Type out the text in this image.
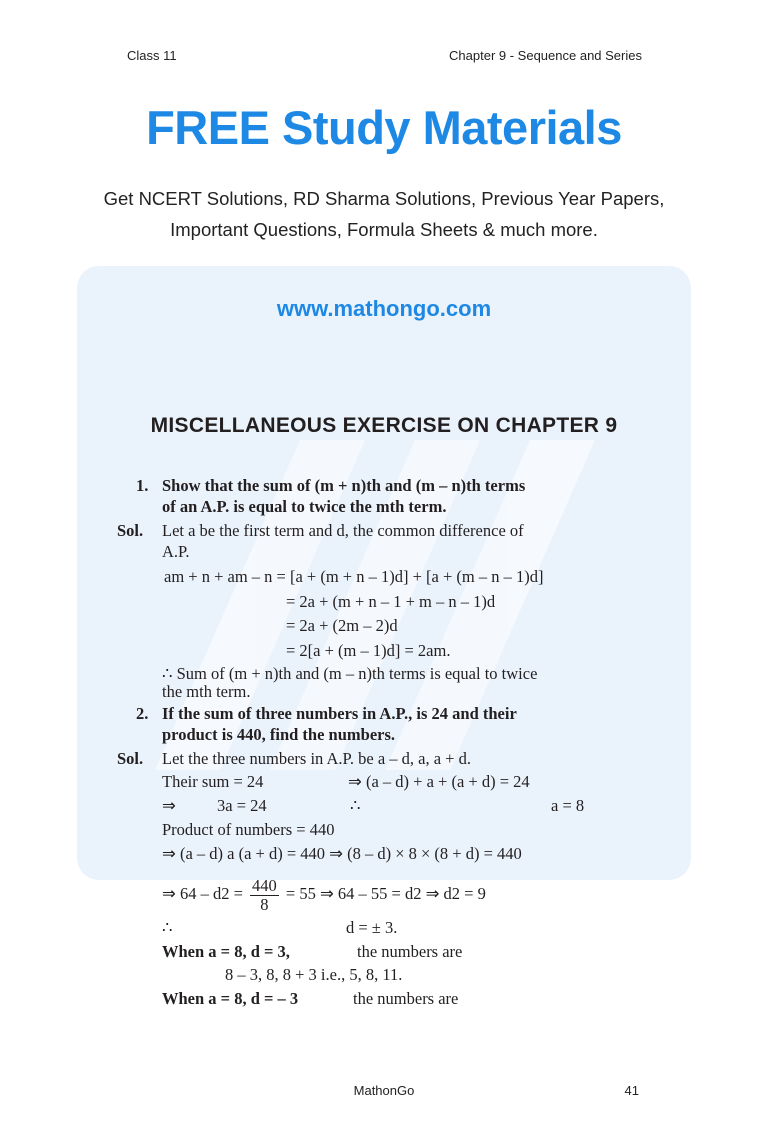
Class 11	Chapter 9 - Sequence and Series
FREE Study Materials
Get NCERT Solutions, RD Sharma Solutions, Previous Year Papers,
Important Questions, Formula Sheets & much more.
www.mathongo.com
MISCELLANEOUS EXERCISE ON CHAPTER 9
1. Show that the sum of (m + n)th and (m – n)th terms
of an A.P. is equal to twice the mth term.
Sol. Let a be the first term and d, the common difference of
A.P.
am + n + am – n = [a + (m + n – 1)d] + [a + (m – n – 1)d]
= 2a + (m + n – 1 + m – n – 1)d
= 2a + (2m – 2)d
= 2[a + (m – 1)d] = 2am.
∴ Sum of (m + n)th and (m – n)th terms is equal to twice
the mth term.
2. If the sum of three numbers in A.P., is 24 and their
product is 440, find the numbers.
Sol. Let the three numbers in A.P. be a – d, a, a + d.
Their sum = 24	⇒ (a – d) + a + (a + d) = 24
⇒ 3a = 24	∴	a = 8
Product of numbers = 440
⇒ (a – d) a (a + d) = 440 ⇒ (8 – d) × 8 × (8 + d) = 440
⇒ $64 - d2 = \frac{440}{8} = 55$ ⇒ 64 – 55 = d2 ⇒ d2 = 9
∴	d = ± 3.
When a = 8, d = 3,	the numbers are
8 – 3, 8, 8 + 3 i.e., 5, 8, 11.
When a = 8, d = – 3	the numbers are
MathonGo	41
